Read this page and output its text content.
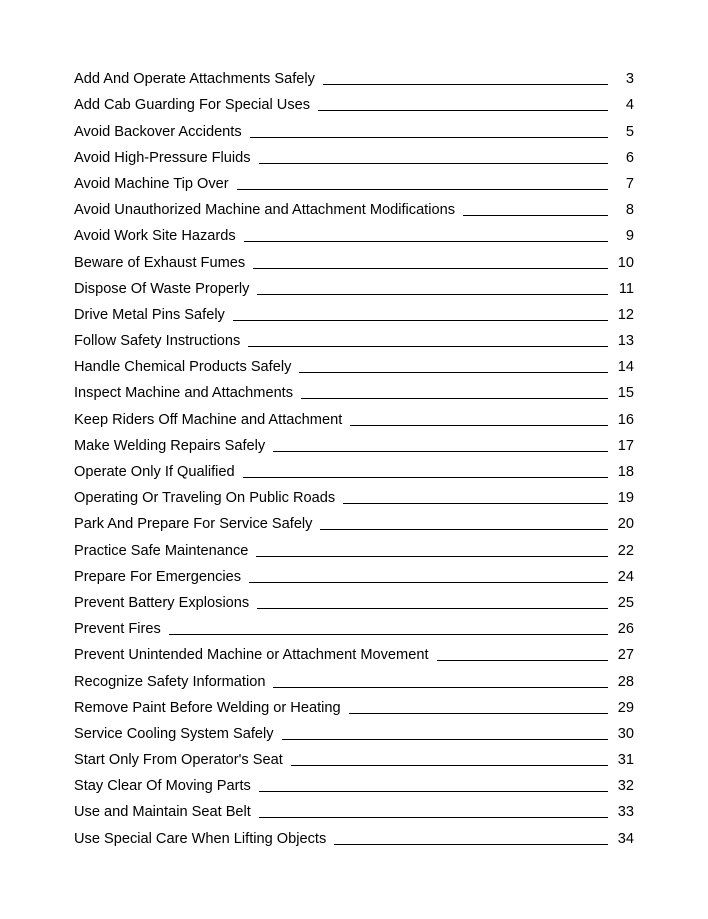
Add And Operate Attachments Safely	3
Add Cab Guarding For Special Uses	4
Avoid Backover Accidents	5
Avoid High-Pressure Fluids	6
Avoid Machine Tip Over	7
Avoid Unauthorized Machine and Attachment Modifications	8
Avoid Work Site Hazards	9
Beware of Exhaust Fumes	10
Dispose Of Waste Properly	11
Drive Metal Pins Safely	12
Follow Safety Instructions	13
Handle Chemical Products Safely	14
Inspect Machine and Attachments	15
Keep Riders Off Machine and Attachment	16
Make Welding Repairs Safely	17
Operate Only If Qualified	18
Operating Or Traveling On Public Roads	19
Park And Prepare For Service Safely	20
Practice Safe Maintenance	22
Prepare For Emergencies	24
Prevent Battery Explosions	25
Prevent Fires	26
Prevent Unintended Machine or Attachment Movement	27
Recognize Safety Information	28
Remove Paint Before Welding or Heating	29
Service Cooling System Safely	30
Start Only From Operator's Seat	31
Stay Clear Of Moving Parts	32
Use and Maintain Seat Belt	33
Use Special Care When Lifting Objects	34
